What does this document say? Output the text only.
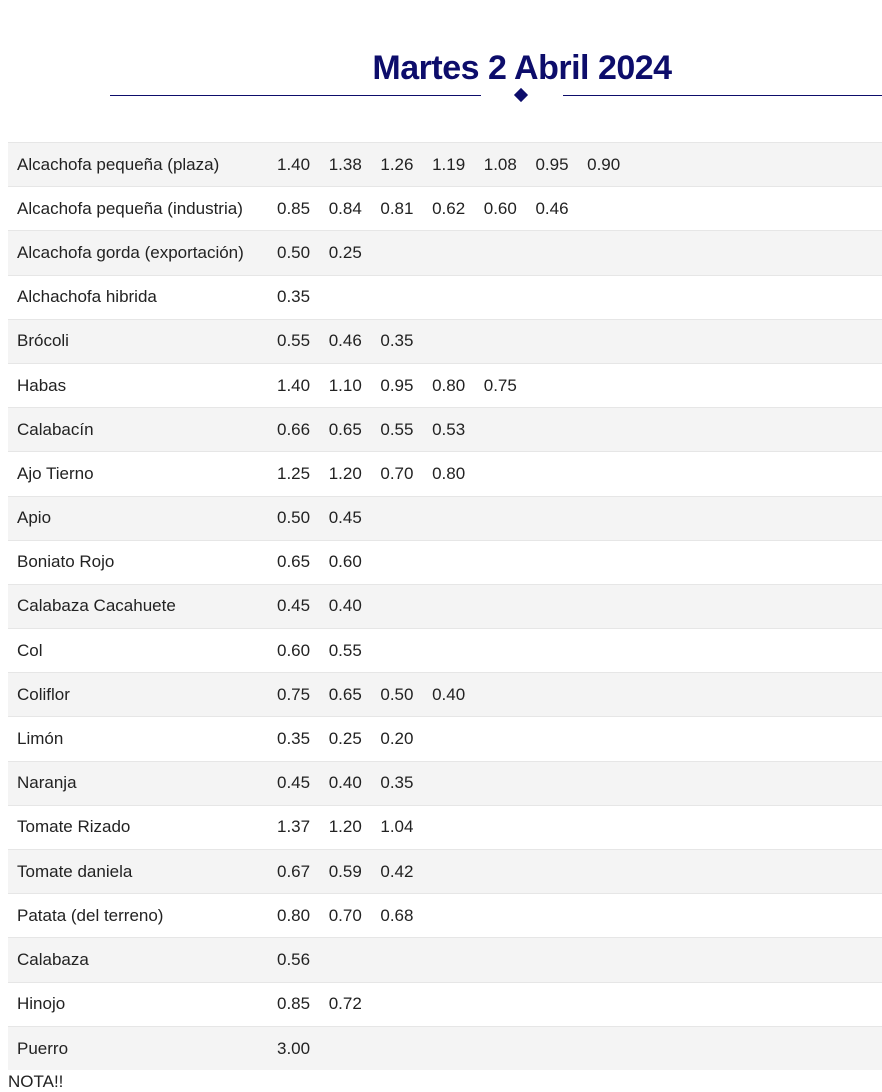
Martes 2 Abril 2024
Alcachofa pequeña (plaza)	1.40	1.38	1.26	1.19	1.08	0.95	0.90	
Alcachofa pequeña (industria)	0.85	0.84	0.81	0.62	0.60	0.46		
Alcachofa gorda (exportación)	0.50	0.25						
Alchachofa hibrida	0.35							
Brócoli	0.55	0.46	0.35					
Habas	1.40	1.10	0.95	0.80	0.75			
Calabacín	0.66	0.65	0.55	0.53				
Ajo Tierno	1.25	1.20	0.70	0.80				
Apio	0.50	0.45						
Boniato Rojo	0.65	0.60						
Calabaza Cacahuete	0.45	0.40						
Col	0.60	0.55						
Coliflor	0.75	0.65	0.50	0.40				
Limón	0.35	0.25	0.20					
Naranja	0.45	0.40	0.35					
Tomate Rizado	1.37	1.20	1.04					
Tomate daniela	0.67	0.59	0.42					
Patata (del terreno)	0.80	0.70	0.68					
Calabaza	0.56							
Hinojo	0.85	0.72						
Puerro	3.00							
NOTA!!
